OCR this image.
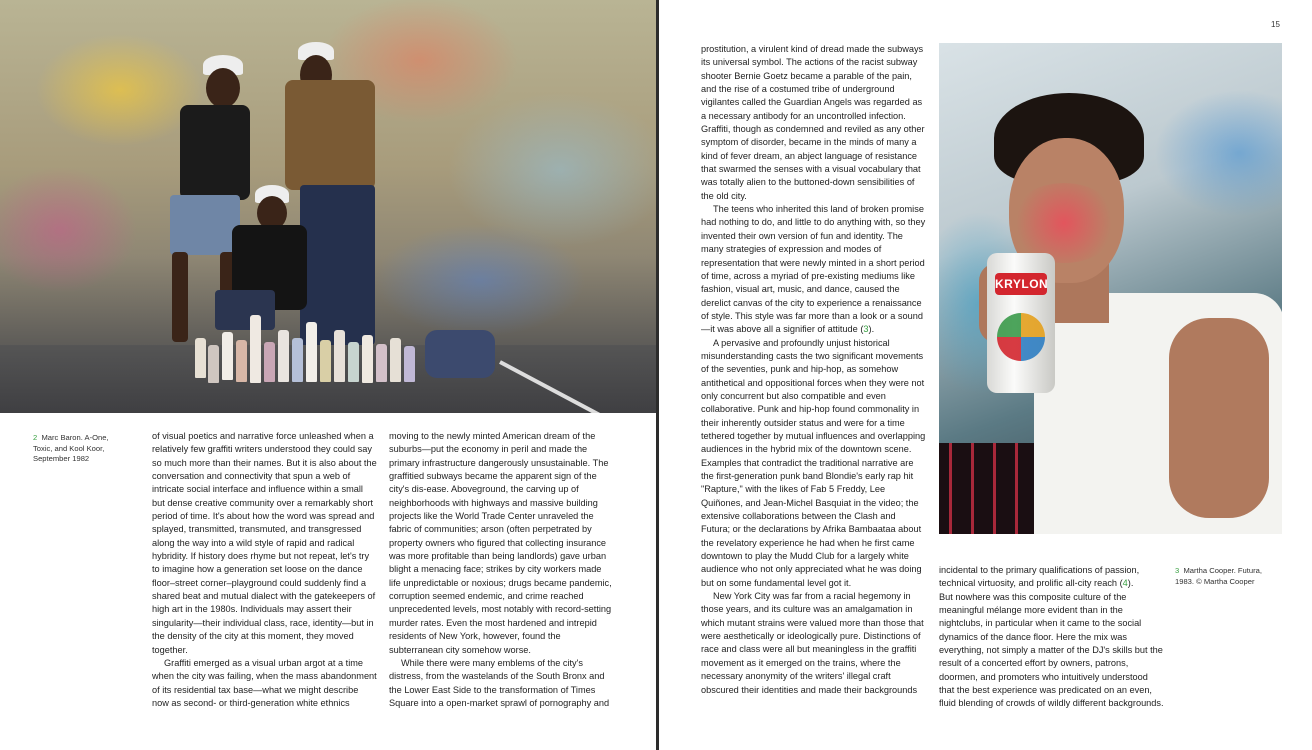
2 Marc Baron. A-One, Toxic, and Kool Koor, September 1982

of visual poetics and narrative force unleashed when a relatively few graffiti writers understood they could say so much more than their names. But it is also about the conversation and connectivity that spun a web of intricate social interface and influence within a small but dense creative community over a remarkably short period of time. It's about how the word was spread and splayed, transmitted, transmuted, and transgressed along the way into a wild style of rapid and radical hybridity. If history does rhyme but not repeat, let's try to imagine how a generation set loose on the dance floor–street corner–playground could suddenly find a shared beat and mutual dialect with the gatekeepers of high art in the 1980s. Individuals may assert their singularity—their individual class, race, identity—but in the density of the city at this moment, they moved together.

Graffiti emerged as a visual urban argot at a time when the city was failing, when the mass abandonment of its residential tax base—what we might describe now as second- or third-generation white ethnics

moving to the newly minted American dream of the suburbs—put the economy in peril and made the primary infrastructure dangerously unsustainable. The graffitied subways became the apparent sign of the city's dis-ease. Aboveground, the carving up of neighborhoods with highways and massive building projects like the World Trade Center unraveled the fabric of communities; arson (often perpetrated by property owners who figured that collecting insurance was more profitable than being landlords) gave urban blight a menacing face; strikes by city workers made life unpredictable or noxious; drugs became pandemic, corruption seemed endemic, and crime reached unprecedented levels, most notably with record-setting murder rates. Even the most hardened and intrepid residents of New York, however, found the subterranean city somehow worse.

While there were many emblems of the city's distress, from the wastelands of the South Bronx and the Lower East Side to the transformation of Times Square into a open-market sprawl of pornography and

15

prostitution, a virulent kind of dread made the subways its universal symbol. The actions of the racist subway shooter Bernie Goetz became a parable of the pain, and the rise of a costumed tribe of underground vigilantes called the Guardian Angels was regarded as a necessary antibody for an uncontrolled infection. Graffiti, though as condemned and reviled as any other symptom of disorder, became in the minds of many a kind of fever dream, an abject language of resistance that swarmed the senses with a visual vocabulary that was totally alien to the buttoned-down sensibilities of the old city.

The teens who inherited this land of broken promise had nothing to do, and little to do anything with, so they invented their own version of fun and identity. The many strategies of expression and modes of representation that were newly minted in a short period of time, across a myriad of pre-existing mediums like fashion, visual art, music, and dance, caused the derelict canvas of the city to experience a renaissance of style. This style was far more than a look or a sound—it was above all a signifier of attitude (3).

A pervasive and profoundly unjust historical misunderstanding casts the two significant movements of the seventies, punk and hip-hop, as somehow antithetical and oppositional forces when they were not only concurrent but also compatible and even collaborative. Punk and hip-hop found commonality in their inherently outsider status and were for a time tethered together by mutual influences and overlapping audiences in the hybrid mix of the downtown scene. Examples that contradict the traditional narrative are the first-generation punk band Blondie's early rap hit "Rapture," with the likes of Fab 5 Freddy, Lee Quiñones, and Jean-Michel Basquiat in the video; the extensive collaborations between the Clash and Futura; or the declarations by Afrika Bambaataa about the revelatory experience he had when he first came downtown to play the Mudd Club for a largely white audience who not only appreciated what he was doing but on some fundamental level got it.

New York City was far from a racial hegemony in those years, and its culture was an amalgamation in which mutant strains were valued more than those that were aesthetically or ideologically pure. Distinctions of race and class were all but meaningless in the graffiti movement as it emerged on the trains, where the necessary anonymity of the writers' illegal craft obscured their identities and made their backgrounds

KRYLON

incidental to the primary qualifications of passion, technical virtuosity, and prolific all-city reach (4).

But nowhere was this composite culture of the meaningful mélange more evident than in the nightclubs, in particular when it came to the social dynamics of the dance floor. Here the mix was everything, not simply a matter of the DJ's skills but the result of a concerted effort by owners, patrons, doormen, and promoters who intuitively understood that the best experience was predicated on an even, fluid blending of crowds of wildly different backgrounds.

3 Martha Cooper. Futura, 1983. © Martha Cooper
